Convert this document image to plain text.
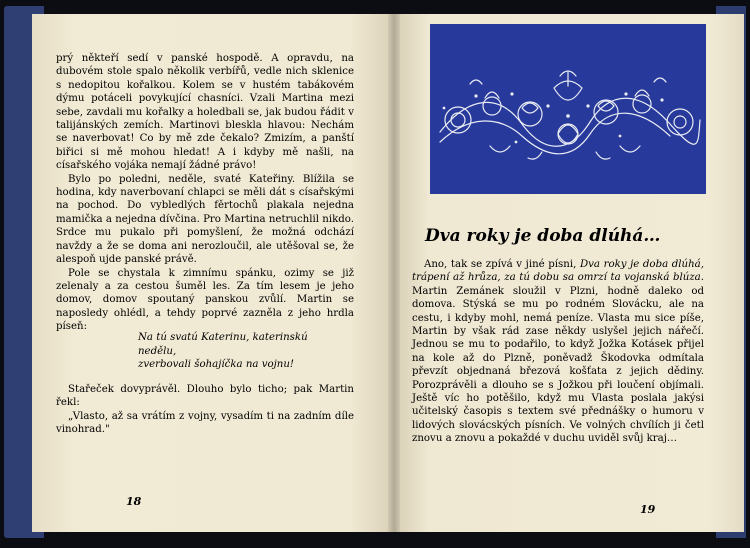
prý někteří sedí v panské hospodě. A opravdu, na dubovém stole spalo několik verbířů, vedle nich sklenice s nedopitou kořalkou. Kolem se v hustém tabákovém dýmu potáceli povykující chasníci. Vzali Martina mezi sebe, zavdali mu kořalky a holedbali se, jak budou řádit v talijánských zemích. Martinovi bleskla hlavou: Nechám se naverbovat! Co by mě zde čekalo? Zmizím, a panští biřici si mě mohou hledat! A i kdyby mě našli, na císařského vojáka nemají žádné právo!

Bylo po poledni, neděle, svaté Kateřiny. Blížila se hodina, kdy naverbovaní chlapci se měli dát s císařskými na pochod. Do vybledlých fěrtochů plakala nejedna mamička a nejedna dívčina. Pro Martina netruchlil nikdo. Srdce mu pukalo při pomyšlení, že možná odchází navždy a že se doma ani nerozloučil, ale utěšoval se, že alespoň ujde panské právě.

Pole se chystala k zimnímu spánku, ozimy se již zelenaly a za cestou šuměl les. Za tím lesem je jeho domov, domov spoutaný panskou zvůlí. Martin se naposledy ohlédl, a tehdy poprvé zazněla z jeho hrdla píseň:

Na tú svatú Katerinu, katerinskú
nedělu,
zverbovali šohajíčka na vojnu!

Stařeček dovyprávěl. Dlouho bylo ticho; pak Martin řekl:

„Vlasto, až sa vrátím z vojny, vysadím ti na zadním díle vinohrad."

18
Dva roky je doba dlúhá…

Ano, tak se zpívá v jiné písni, Dva roky je doba dlúhá, trápení až hrůza, za tú dobu sa omrzí ta vojanská blúza. Martin Zemánek sloužil v Plzni, hodně daleko od domova. Stýská se mu po rodném Slovácku, ale na cestu, i kdyby mohl, nemá peníze. Vlasta mu sice píše, Martin by však rád zase někdy uslyšel jejich nářečí. Jednou se mu to podařilo, to když Jožka Kotásek přijel na kole až do Plzně, poněvadž Škodovka odmítala převzít objednaná březová košťata z jejich dědiny. Porozprávěli a dlouho se s Jožkou při loučení objímali. Ještě víc ho potěšilo, když mu Vlasta poslala jakýsi učitelský časopis s textem své přednášky o humoru v lidových slovácských písních. Ve volných chvílích ji četl znovu a znovu a pokaždé v duchu uviděl svůj kraj…

19
